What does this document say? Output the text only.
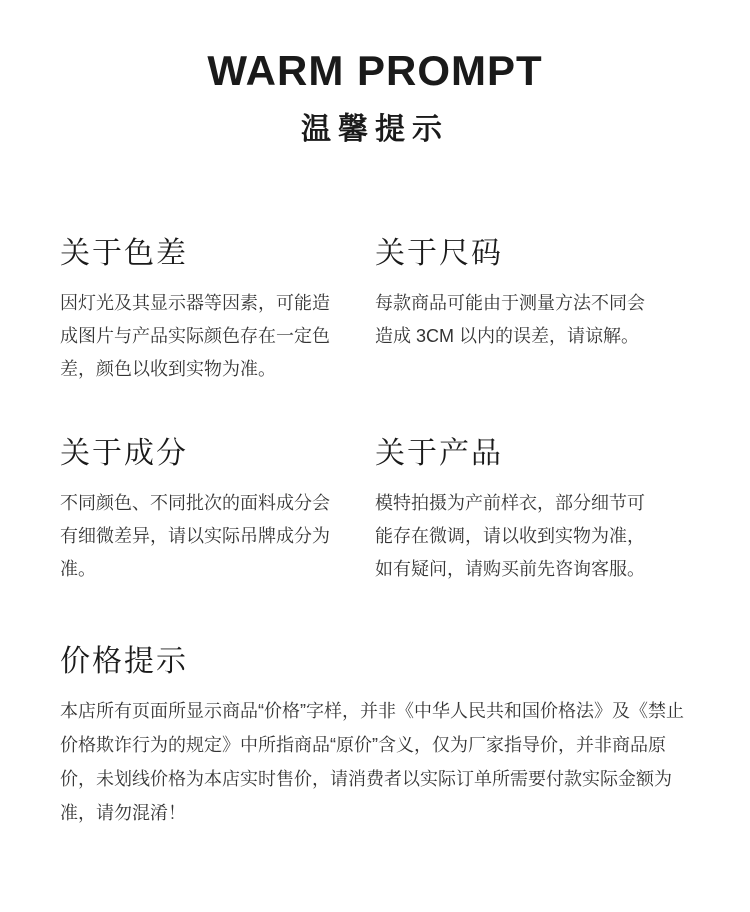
WARM PROMPT
温馨提示
关于色差
因灯光及其显示器等因素，可能造成图片与产品实际颜色存在一定色差，颜色以收到实物为准。
关于尺码
每款商品可能由于测量方法不同会造成 3CM 以内的误差，请谅解。
关于成分
不同颜色、不同批次的面料成分会有细微差异，请以实际吊牌成分为准。
关于产品
模特拍摄为产前样衣，部分细节可能存在微调，请以收到实物为准，如有疑问，请购买前先咨询客服。
价格提示
本店所有页面所显示商品“价格”字样，并非《中华人民共和国价格法》及《禁止价格欺诈行为的规定》中所指商品“原价”含义，仅为厂家指导价，并非商品原价，未划线价格为本店实时售价，请消费者以实际订单所需要付款实际金额为准，请勿混淆！
